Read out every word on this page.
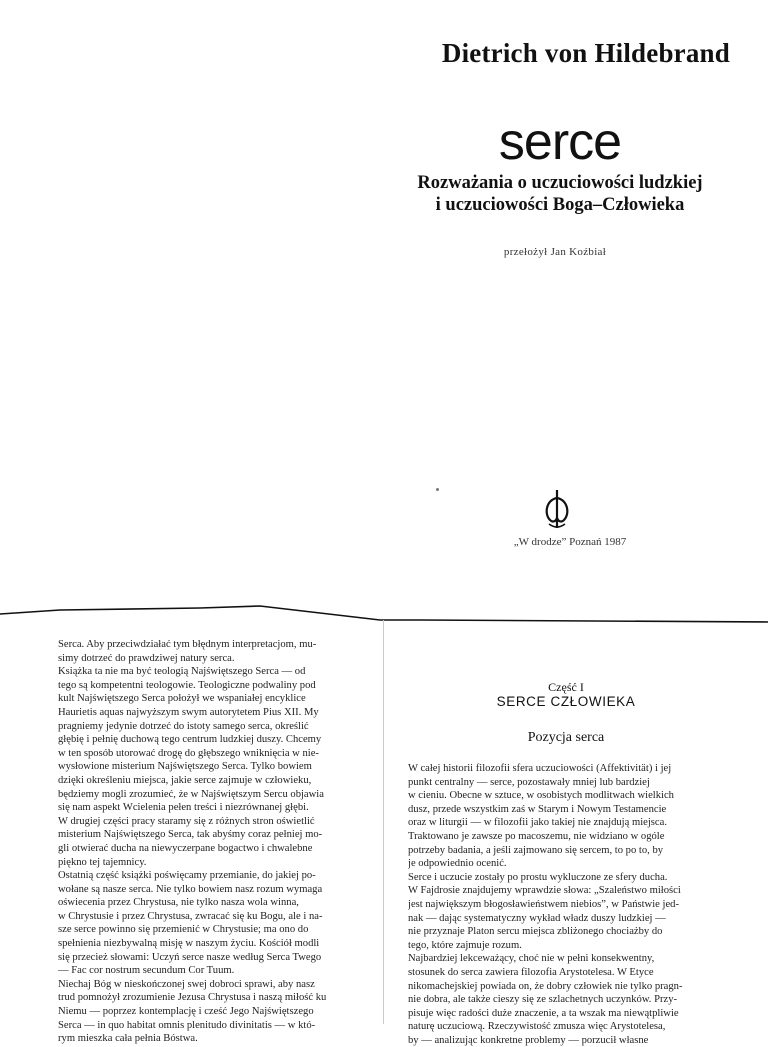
Dietrich von Hildebrand
serce
Rozważania o uczuciowości ludzkiej
i uczuciowości Boga–Człowieka
przełożył Jan Koźbiał
„W drodze” Poznań 1987
Serca. Aby przeciwdziałać tym błędnym interpretacjom, mu-
simy dotrzeć do prawdziwej natury serca.
Książka ta nie ma być teologią Najświętszego Serca — od
tego są kompetentni teologowie. Teologiczne podwaliny pod
kult Najświętszego Serca położył we wspaniałej encyklice
Haurietis aquas najwyższym swym autorytetem Pius XII. My
pragniemy jedynie dotrzeć do istoty samego serca, określić
głębię i pełnię duchową tego centrum ludzkiej duszy. Chcemy
w ten sposób utorować drogę do głębszego wniknięcia w nie-
wysłowione misterium Najświętszego Serca. Tylko bowiem
dzięki określeniu miejsca, jakie serce zajmuje w człowieku,
będziemy mogli zrozumieć, że w Najświętszym Sercu objawia
się nam aspekt Wcielenia pełen treści i niezrównanej głębi.
W drugiej części pracy staramy się z różnych stron oświetlić
misterium Najświętszego Serca, tak abyśmy coraz pełniej mo-
gli otwierać ducha na niewyczerpane bogactwo i chwalebne
piękno tej tajemnicy.
Ostatnią część książki poświęcamy przemianie, do jakiej po-
wołane są nasze serca. Nie tylko bowiem nasz rozum wymaga
oświecenia przez Chrystusa, nie tylko nasza wola winna,
w Chrystusie i przez Chrystusa, zwracać się ku Bogu, ale i na-
sze serce powinno się przemienić w Chrystusie; ma ono do
spełnienia niezbywalną misję w naszym życiu. Kościół modli
się przecież słowami: Uczyń serce nasze według Serca Twego
— Fac cor nostrum secundum Cor Tuum.
Niechaj Bóg w nieskończonej swej dobroci sprawi, aby nasz
trud pomnożył zrozumienie Jezusa Chrystusa i naszą miłość ku
Niemu — poprzez kontemplację i cześć Jego Najświętszego
Serca — in quo habitat omnis plenitudo divinitatis — w któ-
rym mieszka cała pełnia Bóstwa.
Część I
SERCE CZŁOWIEKA
Pozycja serca
W całej historii filozofii sfera uczuciowości (Affektivität) i jej
punkt centralny — serce, pozostawały mniej lub bardziej
w cieniu. Obecne w sztuce, w osobistych modlitwach wielkich
dusz, przede wszystkim zaś w Starym i Nowym Testamencie
oraz w liturgii — w filozofii jako takiej nie znajdują miejsca.
Traktowano je zawsze po macoszemu, nie widziano w ogóle
potrzeby badania, a jeśli zajmowano się sercem, to po to, by
je odpowiednio ocenić.
Serce i uczucie zostały po prostu wykluczone ze sfery ducha.
W Fajdrosie znajdujemy wprawdzie słowa: „Szaleństwo miłości
jest największym błogosławieństwem niebios”, w Państwie jed-
nak — dając systematyczny wykład władz duszy ludzkiej —
nie przyznaje Platon sercu miejsca zbliżonego chociażby do
tego, które zajmuje rozum.
Najbardziej lekceważący, choć nie w pełni konsekwentny,
stosunek do serca zawiera filozofia Arystotelesa. W Etyce
nikomachejskiej powiada on, że dobry człowiek nie tylko pragn-
nie dobra, ale także cieszy się ze szlachetnych uczynków. Przy-
pisuje więc radości duże znaczenie, a ta wszak ma niewątpliwie
naturę uczuciową. Rzeczywistość zmusza więc Arystotelesa,
by — analizując konkretne problemy — porzucił własne
